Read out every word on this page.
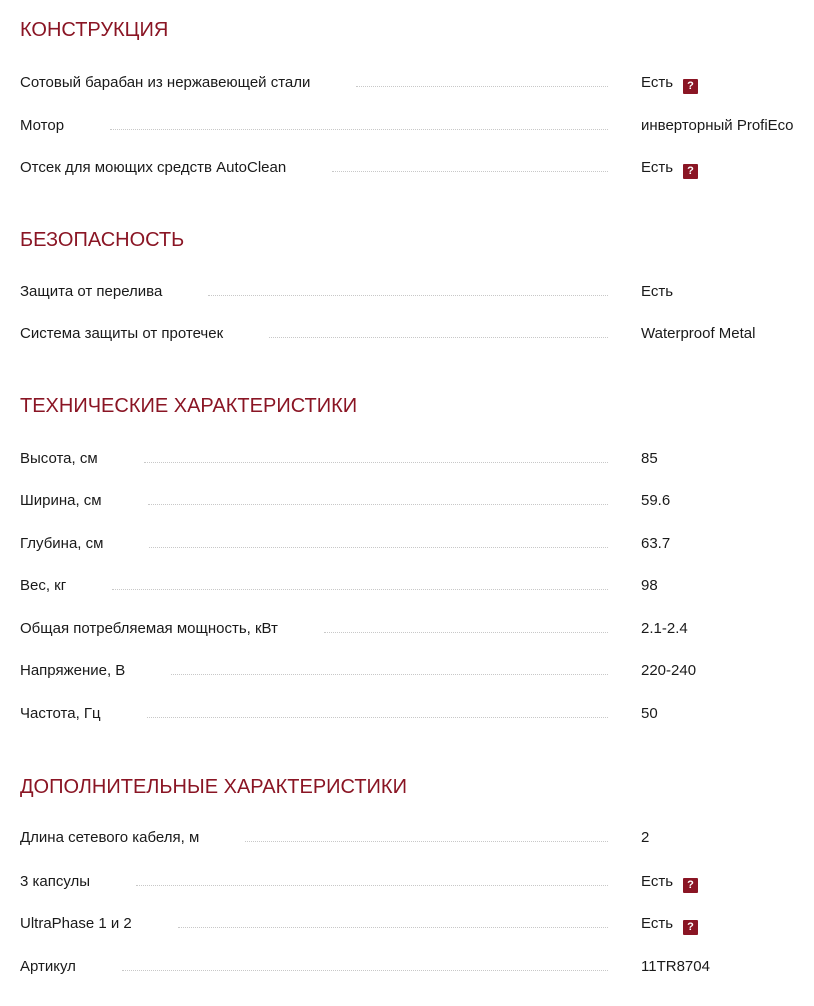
КОНСТРУКЦИЯ
Сотовый барабан из нержавеющей стали	Есть ?
Мотор	инверторный ProfiEco
Отсек для моющих средств AutoClean	Есть ?
БЕЗОПАСНОСТЬ
Защита от перелива	Есть
Система защиты от протечек	Waterproof Metal
ТЕХНИЧЕСКИЕ ХАРАКТЕРИСТИКИ
Высота, см	85
Ширина, см	59.6
Глубина, см	63.7
Вес, кг	98
Общая потребляемая мощность, кВт	2.1-2.4
Напряжение, В	220-240
Частота, Гц	50
ДОПОЛНИТЕЛЬНЫЕ ХАРАКТЕРИСТИКИ
Длина сетевого кабеля, м	2
3 капсулы	Есть ?
UltraPhase 1 и 2	Есть ?
Артикул	11TR8704
